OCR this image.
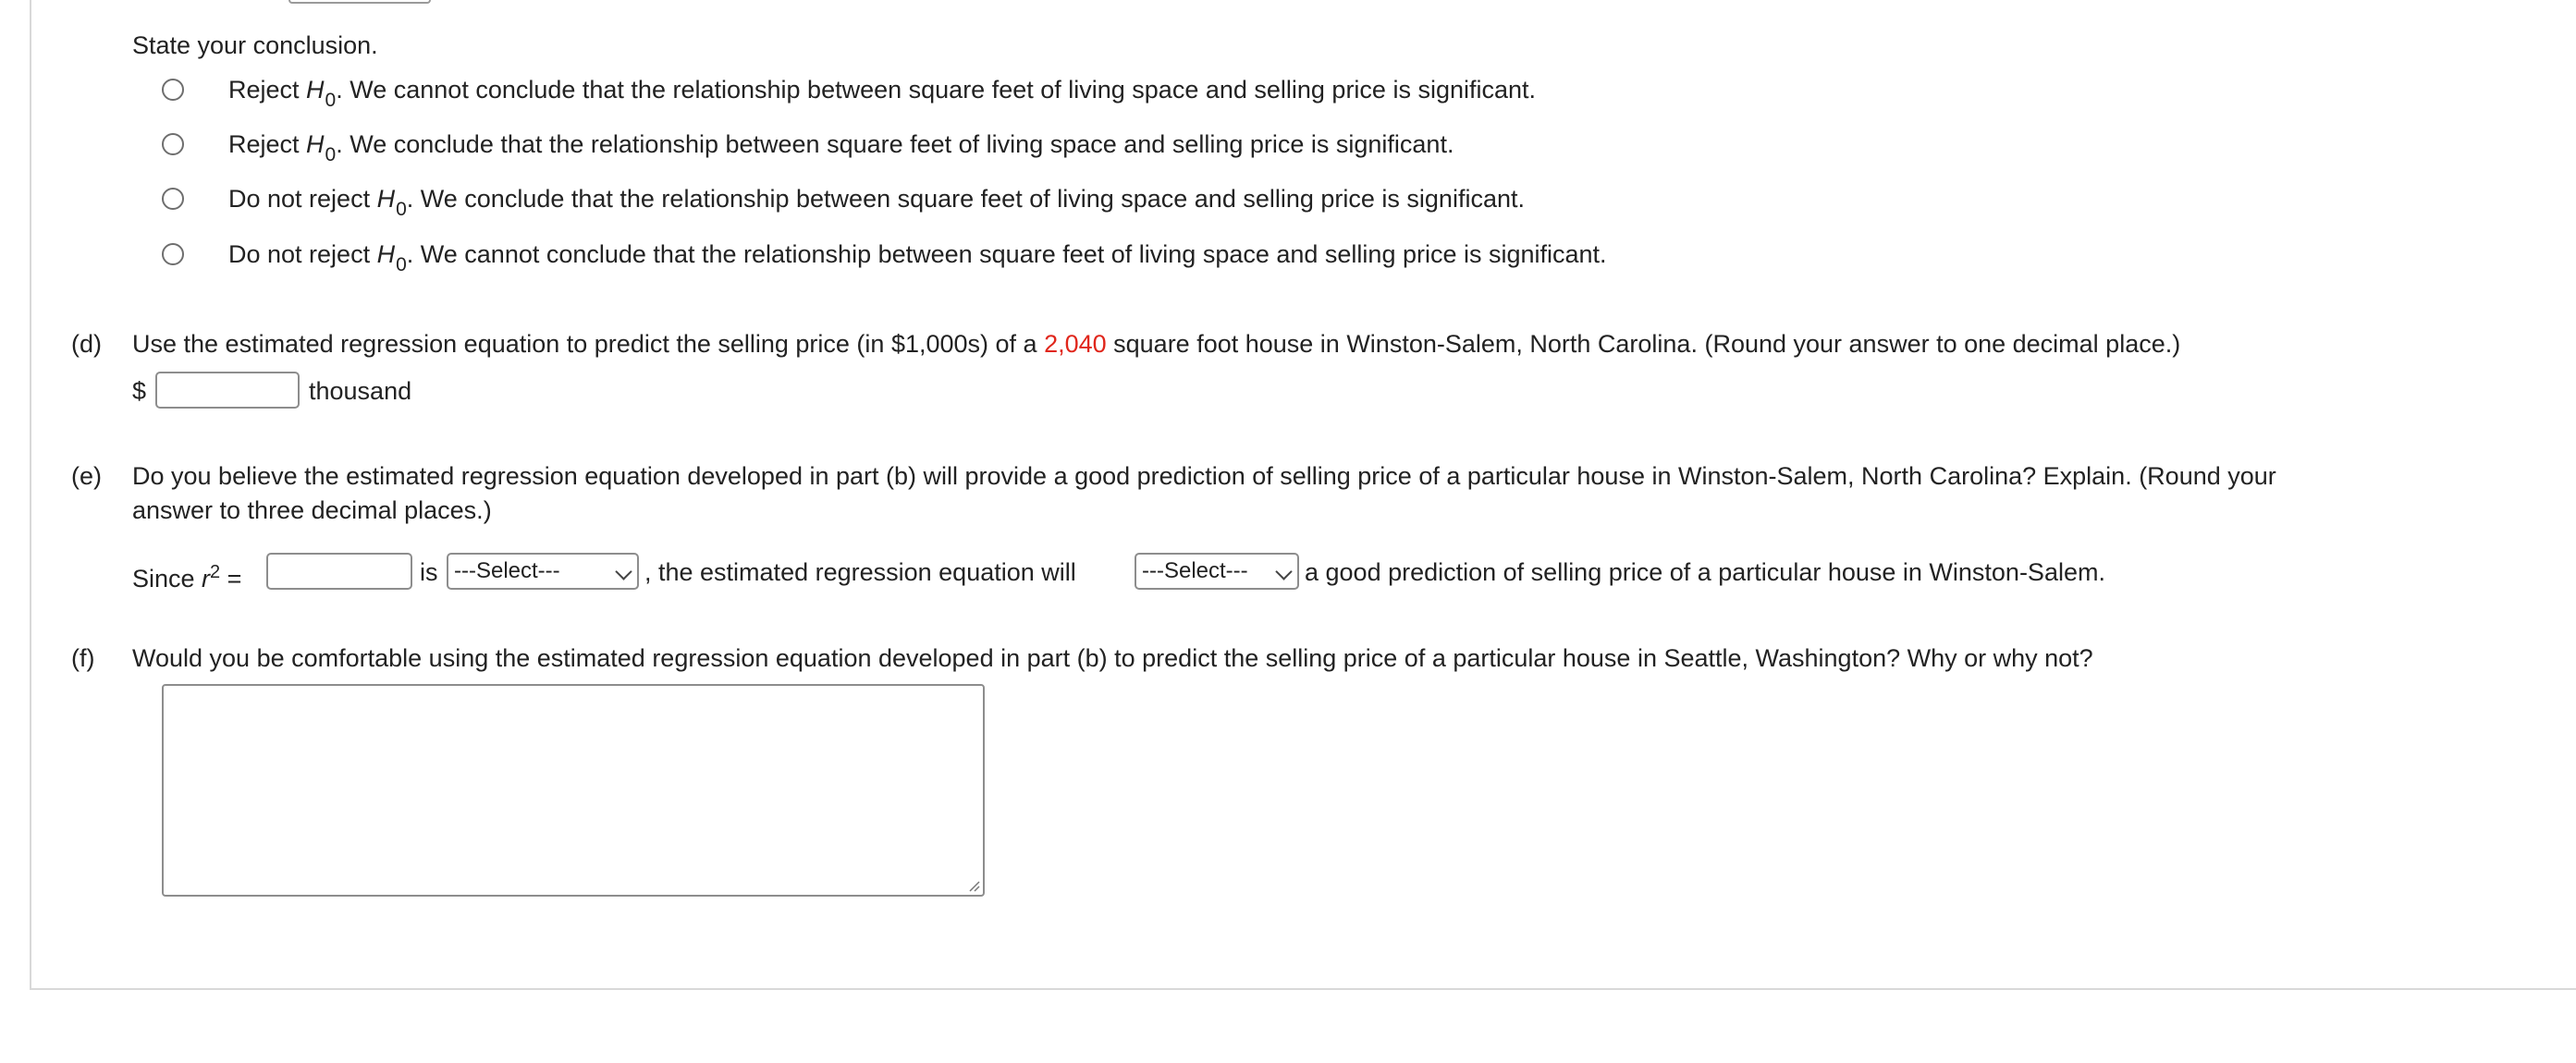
State your conclusion.
Reject $H_0$. We cannot conclude that the relationship between square feet of living space and selling price is significant.
Reject $H_0$. We conclude that the relationship between square feet of living space and selling price is significant.
Do not reject $H_0$. We conclude that the relationship between square feet of living space and selling price is significant.
Do not reject $H_0$. We cannot conclude that the relationship between square feet of living space and selling price is significant.
(d) Use the estimated regression equation to predict the selling price (in $1,000s) of a 2,040 square foot house in Winston-Salem, North Carolina. (Round your answer to one decimal place.)
$	thousand
(e) Do you believe the estimated regression equation developed in part (b) will provide a good prediction of selling price of a particular house in Winston-Salem, North Carolina? Explain. (Round your
answer to three decimal places.)
Since $r^2$ =	is ---Select---	, the estimated regression equation will	---Select---	a good prediction of selling price of a particular house in Winston-Salem.
(f) Would you be comfortable using the estimated regression equation developed in part (b) to predict the selling price of a particular house in Seattle, Washington? Why or why not?
